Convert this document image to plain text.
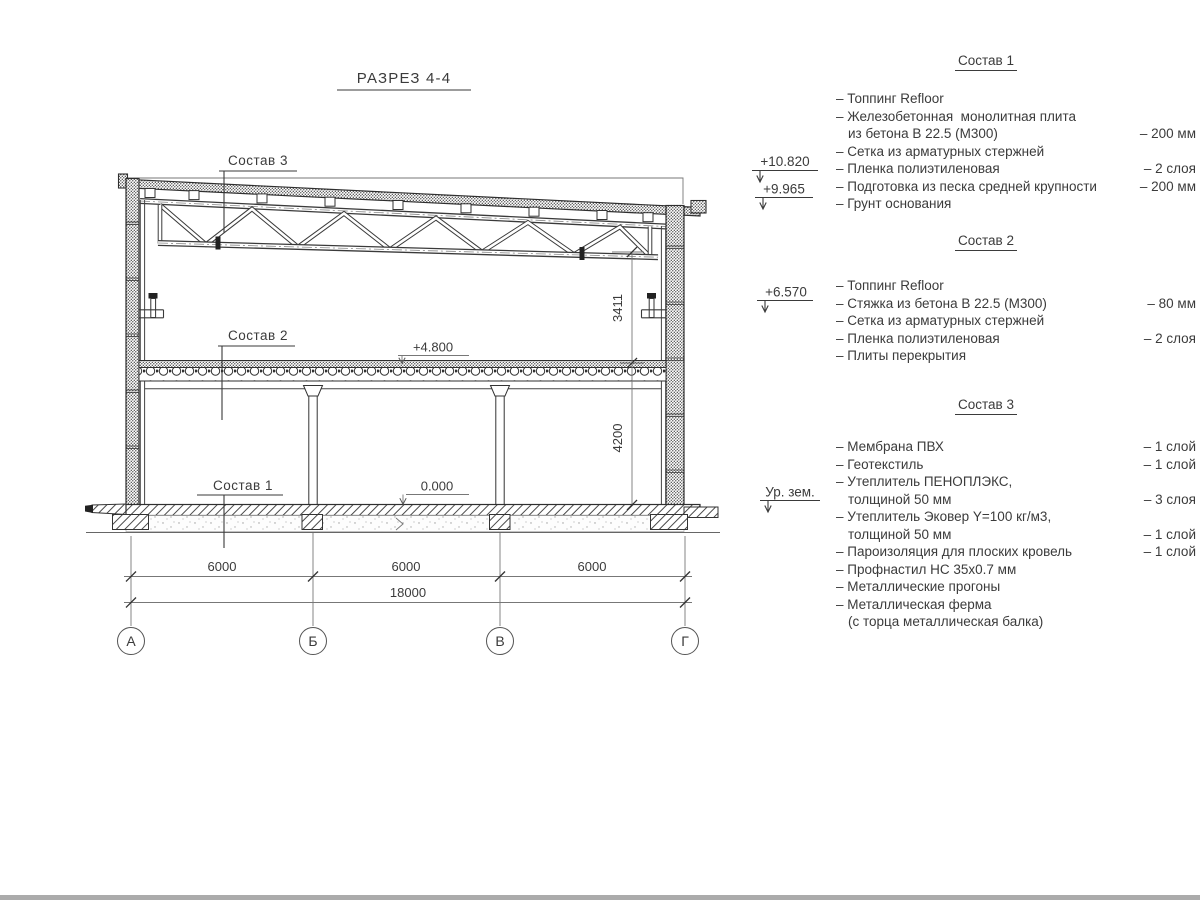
РАЗРЕЗ 4-4
Состав 3
Состав 2
Состав 1
+4.800
0.000
3411
4200
6000	6000	6000
18000
А	Б	В	Г
+10.820
+9.965
+6.570
Ур. зем.
Состав 1
– Топпинг Refloor
– Железобетонная  монолитная плита
из бетона В 22.5 (М300)	– 200 мм
– Сетка из арматурных стержней
– Пленка полиэтиленовая	– 2 слоя
– Подготовка из песка средней крупности	– 200 мм
– Грунт основания
Состав 2
– Топпинг Refloor
– Стяжка из бетона В 22.5 (М300)	– 80 мм
– Сетка из арматурных стержней
– Пленка полиэтиленовая	– 2 слоя
– Плиты перекрытия
Состав 3
– Мембрана ПВХ	– 1 слой
– Геотекстиль	– 1 слой
– Утеплитель ПЕНОПЛЭКС,
толщиной 50 мм	– 3 слоя
– Утеплитель Эковер Y=100 кг/м3,
толщиной 50 мм	– 1 слой
– Пароизоляция для плоских кровель	– 1 слой
– Профнастил НС 35х0.7 мм
– Металлические прогоны
– Металлическая ферма
(с торца металлическая балка)
